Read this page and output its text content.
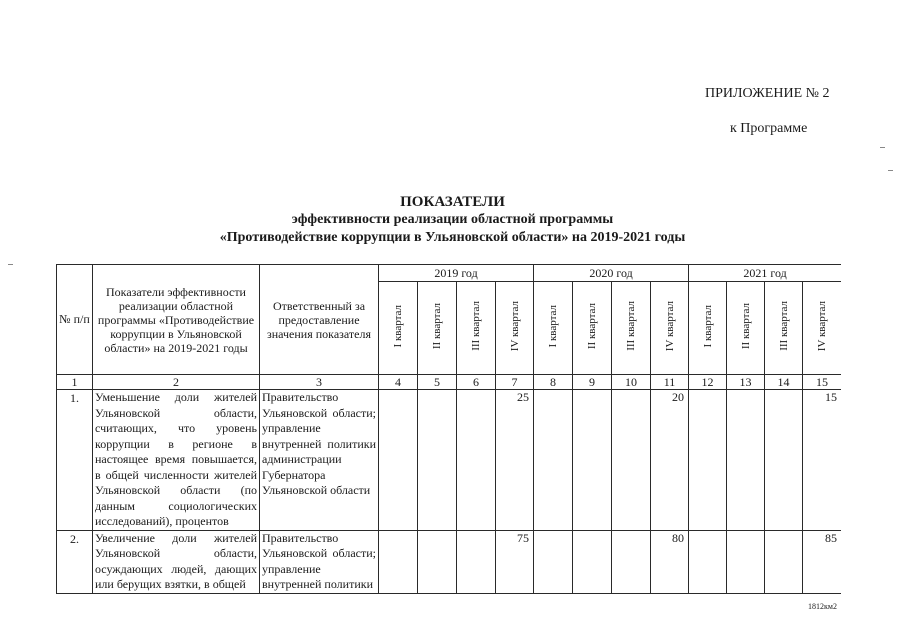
ПРИЛОЖЕНИЕ № 2
к Программе
ПОКАЗАТЕЛИ
эффективности реализации областной программы
«Противодействие коррупции в Ульяновской области» на 2019-2021 годы
№ п/п	Показатели эффективности реализации областной программы «Противодействие коррупции в Ульяновской области» на 2019-2021 годы	Ответственный за предоставление значения показателя	2019 год				2020 год				2021 год			
			I квартал	II квартал	III квартал	IV квартал	I квартал	II квартал	III квартал	IV квартал	I квартал	II квартал	III квартал	IV квартал
1	2	3	4	5	6	7	8	9	10	11	12	13	14	15
1.	Уменьшение доли жителей Ульяновской области, считающих, что уровень коррупции в регионе в настоящее время повышается, в общей численности жителей Ульяновской области (по данным социологических исследований), процентов	Правительство Ульяновской области; управление внутренней политики администрации Губернатора Ульяновской области				25				20				15
2.	Увеличение доли жителей Ульяновской области, осуждающих людей, дающих или берущих взятки, в общей	Правительство Ульяновской области; управление внутренней политики				75				80				85
1812км2
